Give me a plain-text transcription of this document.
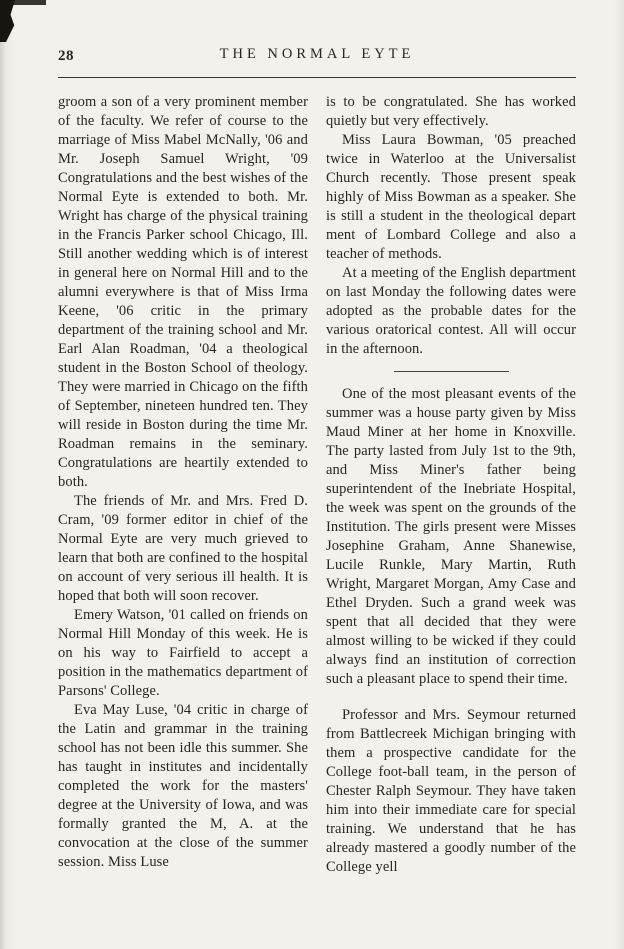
28	THE NORMAL EYTE

groom a son of a very prominent member of the faculty. We refer of course to the marriage of Miss Mabel McNally, '06 and Mr. Joseph Samuel Wright, '09 Congratulations and the best wishes of the Normal Eyte is extended to both. Mr. Wright has charge of the physical training in the Francis Parker school Chicago, Ill. Still another wedding which is of interest in general here on Normal Hill and to the alumni everywhere is that of Miss Irma Keene, '06 critic in the primary department of the training school and Mr. Earl Alan Roadman, '04 a theological student in the Boston School of theology. They were married in Chicago on the fifth of September, nineteen hundred ten. They will reside in Boston during the time Mr. Roadman remains in the seminary. Congratulations are heartily extended to both.

The friends of Mr. and Mrs. Fred D. Cram, '09 former editor in chief of the Normal Eyte are very much grieved to learn that both are confined to the hospital on account of very serious ill health. It is hoped that both will soon recover.

Emery Watson, '01 called on friends on Normal Hill Monday of this week. He is on his way to Fairfield to accept a position in the mathematics department of Parsons' College.

Eva May Luse, '04 critic in charge of the Latin and grammar in the training school has not been idle this summer. She has taught in institutes and incidentally completed the work for the masters' degree at the University of Iowa, and was formally granted the M, A. at the convocation at the close of the summer session. Miss Luse

is to be congratulated. She has worked quietly but very effectively.

Miss Laura Bowman, '05 preached twice in Waterloo at the Universalist Church recently. Those present speak highly of Miss Bowman as a speaker. She is still a student in the theological depart ment of Lombard College and also a teacher of methods.

At a meeting of the English department on last Monday the following dates were adopted as the probable dates for the various oratorical contest. All will occur in the afternoon.

One of the most pleasant events of the summer was a house party given by Miss Maud Miner at her home in Knoxville. The party lasted from July 1st to the 9th, and Miss Miner's father being superintendent of the Inebriate Hospital, the week was spent on the grounds of the Institution. The girls present were Misses Josephine Graham, Anne Shanewise, Lucile Runkle, Mary Martin, Ruth Wright, Margaret Morgan, Amy Case and Ethel Dryden. Such a grand week was spent that all decided that they were almost willing to be wicked if they could always find an institution of correction such a pleasant place to spend their time.

Professor and Mrs. Seymour returned from Battlecreek Michigan bringing with them a prospective candidate for the College foot-ball team, in the person of Chester Ralph Seymour. They have taken him into their immediate care for special training. We understand that he has already mastered a goodly number of the College yell
